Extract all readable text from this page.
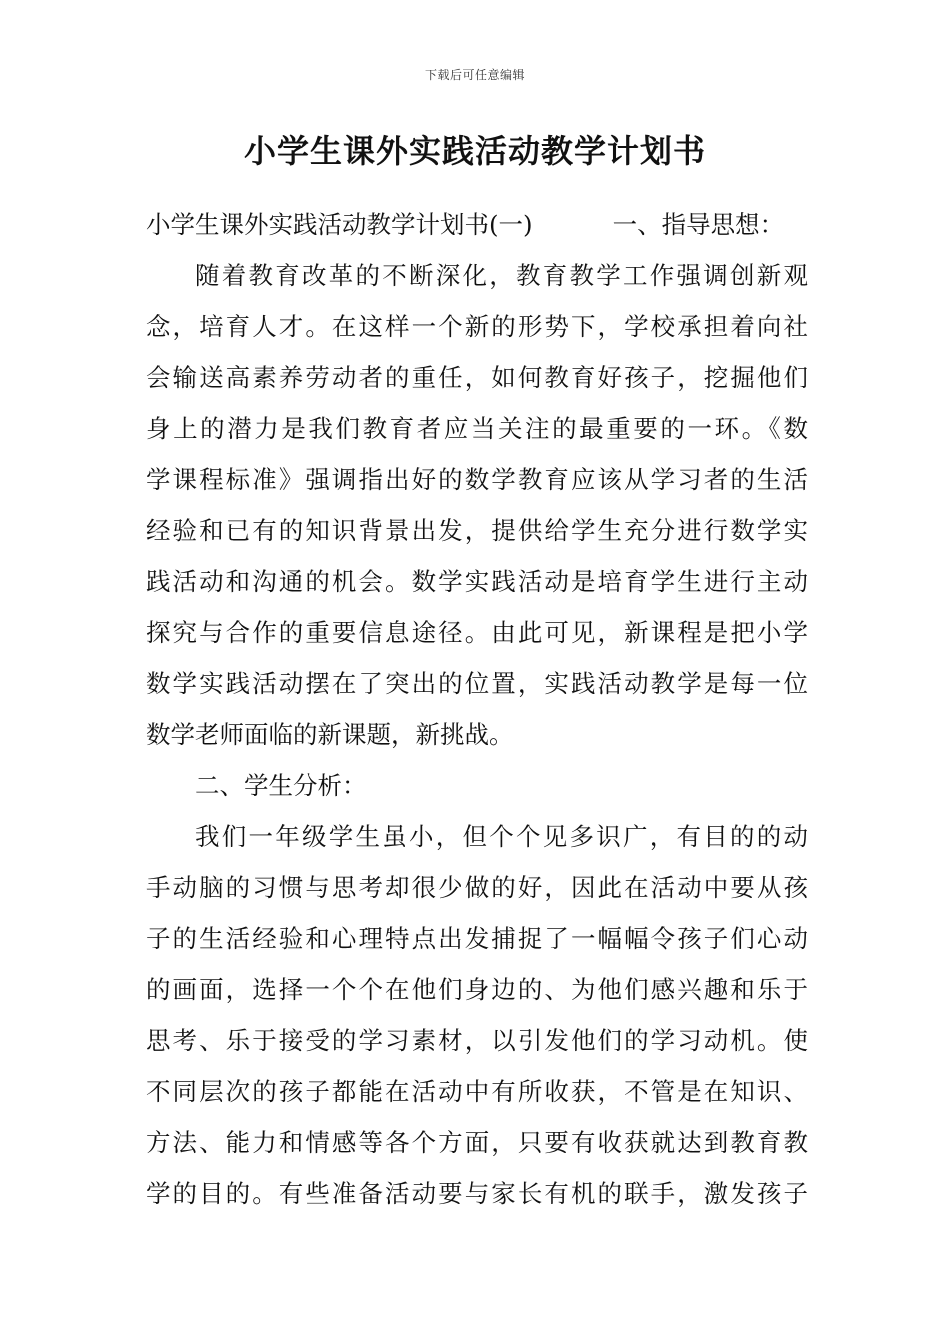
下载后可任意编辑
小学生课外实践活动教学计划书
小学生课外实践活动教学计划书(一)	一、指导思想：
随着教育改革的不断深化，教育教学工作强调创新观
念，培育人才。在这样一个新的形势下，学校承担着向社
会输送高素养劳动者的重任，如何教育好孩子，挖掘他们
身上的潜力是我们教育者应当关注的最重要的一环。《数
学课程标准》强调指出好的数学教育应该从学习者的生活
经验和已有的知识背景出发，提供给学生充分进行数学实
践活动和沟通的机会。数学实践活动是培育学生进行主动
探究与合作的重要信息途径。由此可见，新课程是把小学
数学实践活动摆在了突出的位置，实践活动教学是每一位
数学老师面临的新课题，新挑战。
二、学生分析：
我们一年级学生虽小，但个个见多识广，有目的的动
手动脑的习惯与思考却很少做的好，因此在活动中要从孩
子的生活经验和心理特点出发捕捉了一幅幅令孩子们心动
的画面，选择一个个在他们身边的、为他们感兴趣和乐于
思考、乐于接受的学习素材，以引发他们的学习动机。使
不同层次的孩子都能在活动中有所收获，不管是在知识、
方法、能力和情感等各个方面，只要有收获就达到教育教
学的目的。有些准备活动要与家长有机的联手，激发孩子
